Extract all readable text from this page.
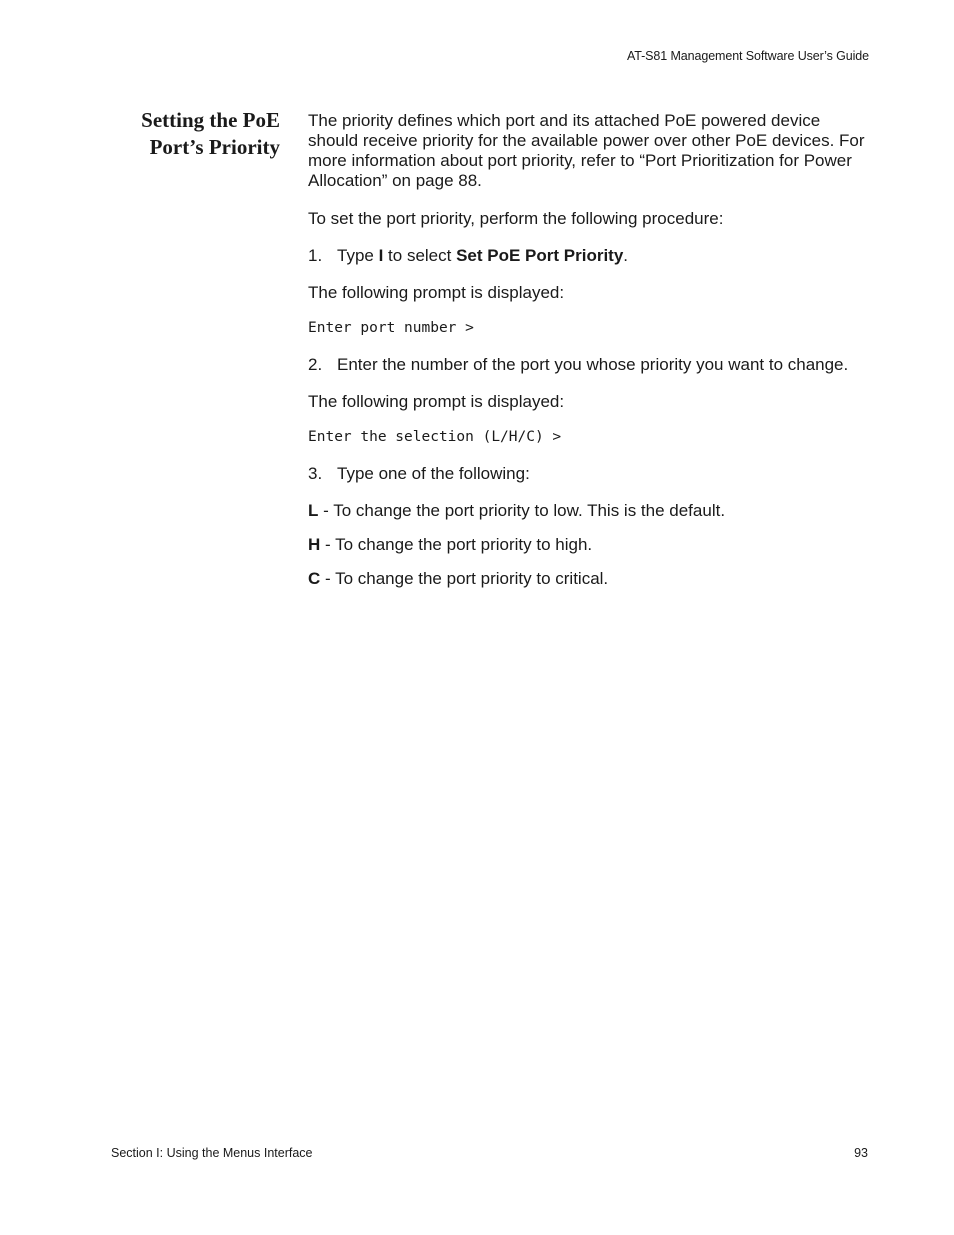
AT-S81 Management Software User’s Guide
Setting the PoE
Port’s Priority

The priority defines which port and its attached PoE powered device should receive priority for the available power over other PoE devices. For more information about port priority, refer to “Port Prioritization for Power Allocation” on page 88.

To set the port priority, perform the following procedure:

1. Type I to select Set PoE Port Priority.

The following prompt is displayed:

Enter port number >

2. Enter the number of the port you whose priority you want to change.

The following prompt is displayed:

Enter the selection (L/H/C) >

3. Type one of the following:

L - To change the port priority to low. This is the default.

H - To change the port priority to high.

C - To change the port priority to critical.

Section I: Using the Menus Interface	93
